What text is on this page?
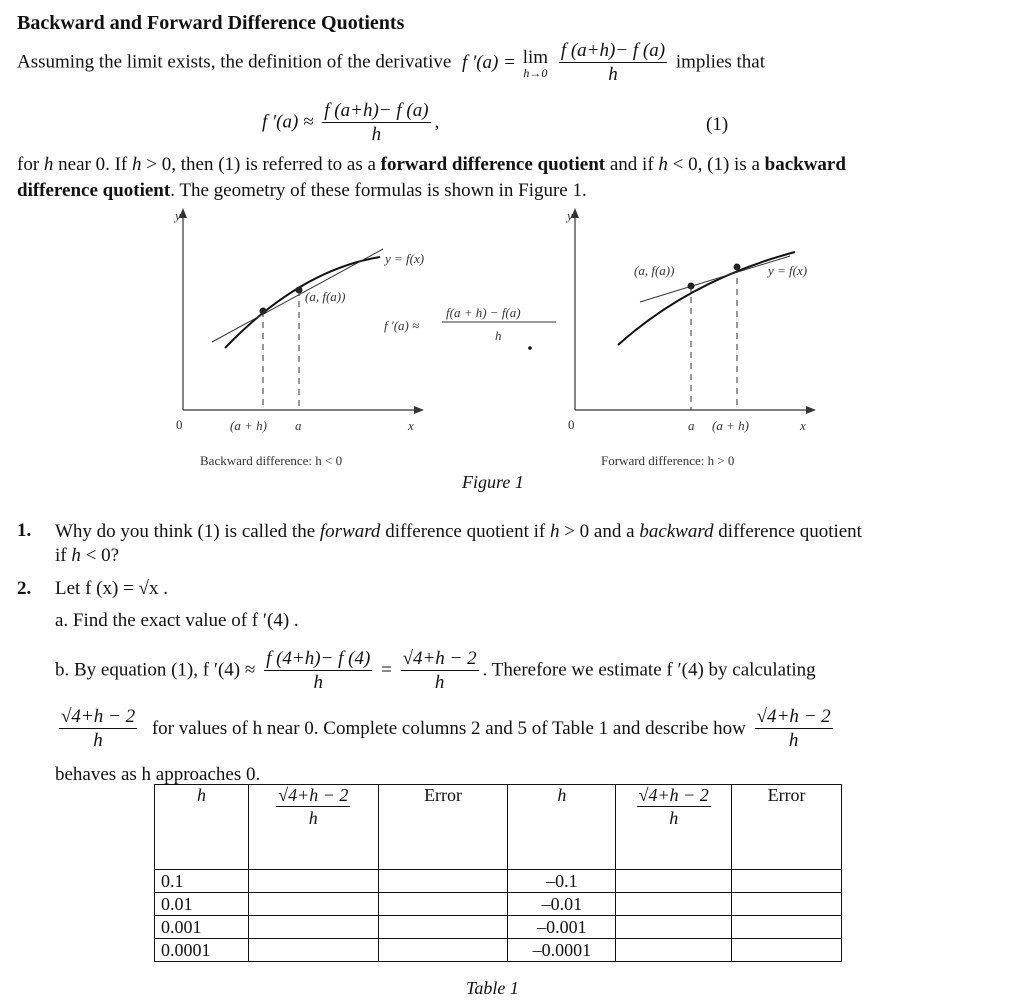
Backward and Forward Difference Quotients
Assuming the limit exists, the definition of the derivative f ′(a) = lim
h→0
$\frac{f (a+h)- f (a)}{h}$ implies that
f $'(a) \approx \frac{f (a+h)- f (a)}{h}$ ,	(1)
for h near 0. If h > 0, then (1) is referred to as a forward difference quotient and if h < 0, (1) is a backward
difference quotient. The geometry of these formulas is shown in Figure 1.
y
x
0
y = f(x)
(a, f(a))
(a + h) a
f ′(a) ≈
f(a + h) − f(a)
h
Backward difference: h < 0
y
x
0
y = f(x)
(a, f(a))
a (a + h)
Forward difference: h > 0
Figure 1
1. Why do you think (1) is called the forward difference quotient if h > 0 and a backward difference quotient
if h < 0?
2. Let f (x) = √x .
a. Find the exact value of f ′(4) .
b. By equation (1), f $'(4) \approx \frac{f (4+h)- f (4)}{h} = \frac{√4+h - 2}{h}$ . Therefore we estimate f ′(4) by calculating
$\frac{√4+h - 2}{h}$ for values of h near 0. Complete columns 2 and 5 of Table 1 and describe how $\frac{√4+h - 2}{h}$
behaves as h approaches 0.
h	$\frac{√4+h - 2}{h}$	Error	h	$\frac{√4+h - 2}{h}$	Error
0.1			–0.1		
0.01			–0.01		
0.001			–0.001		
0.0001			–0.0001		
Table 1
